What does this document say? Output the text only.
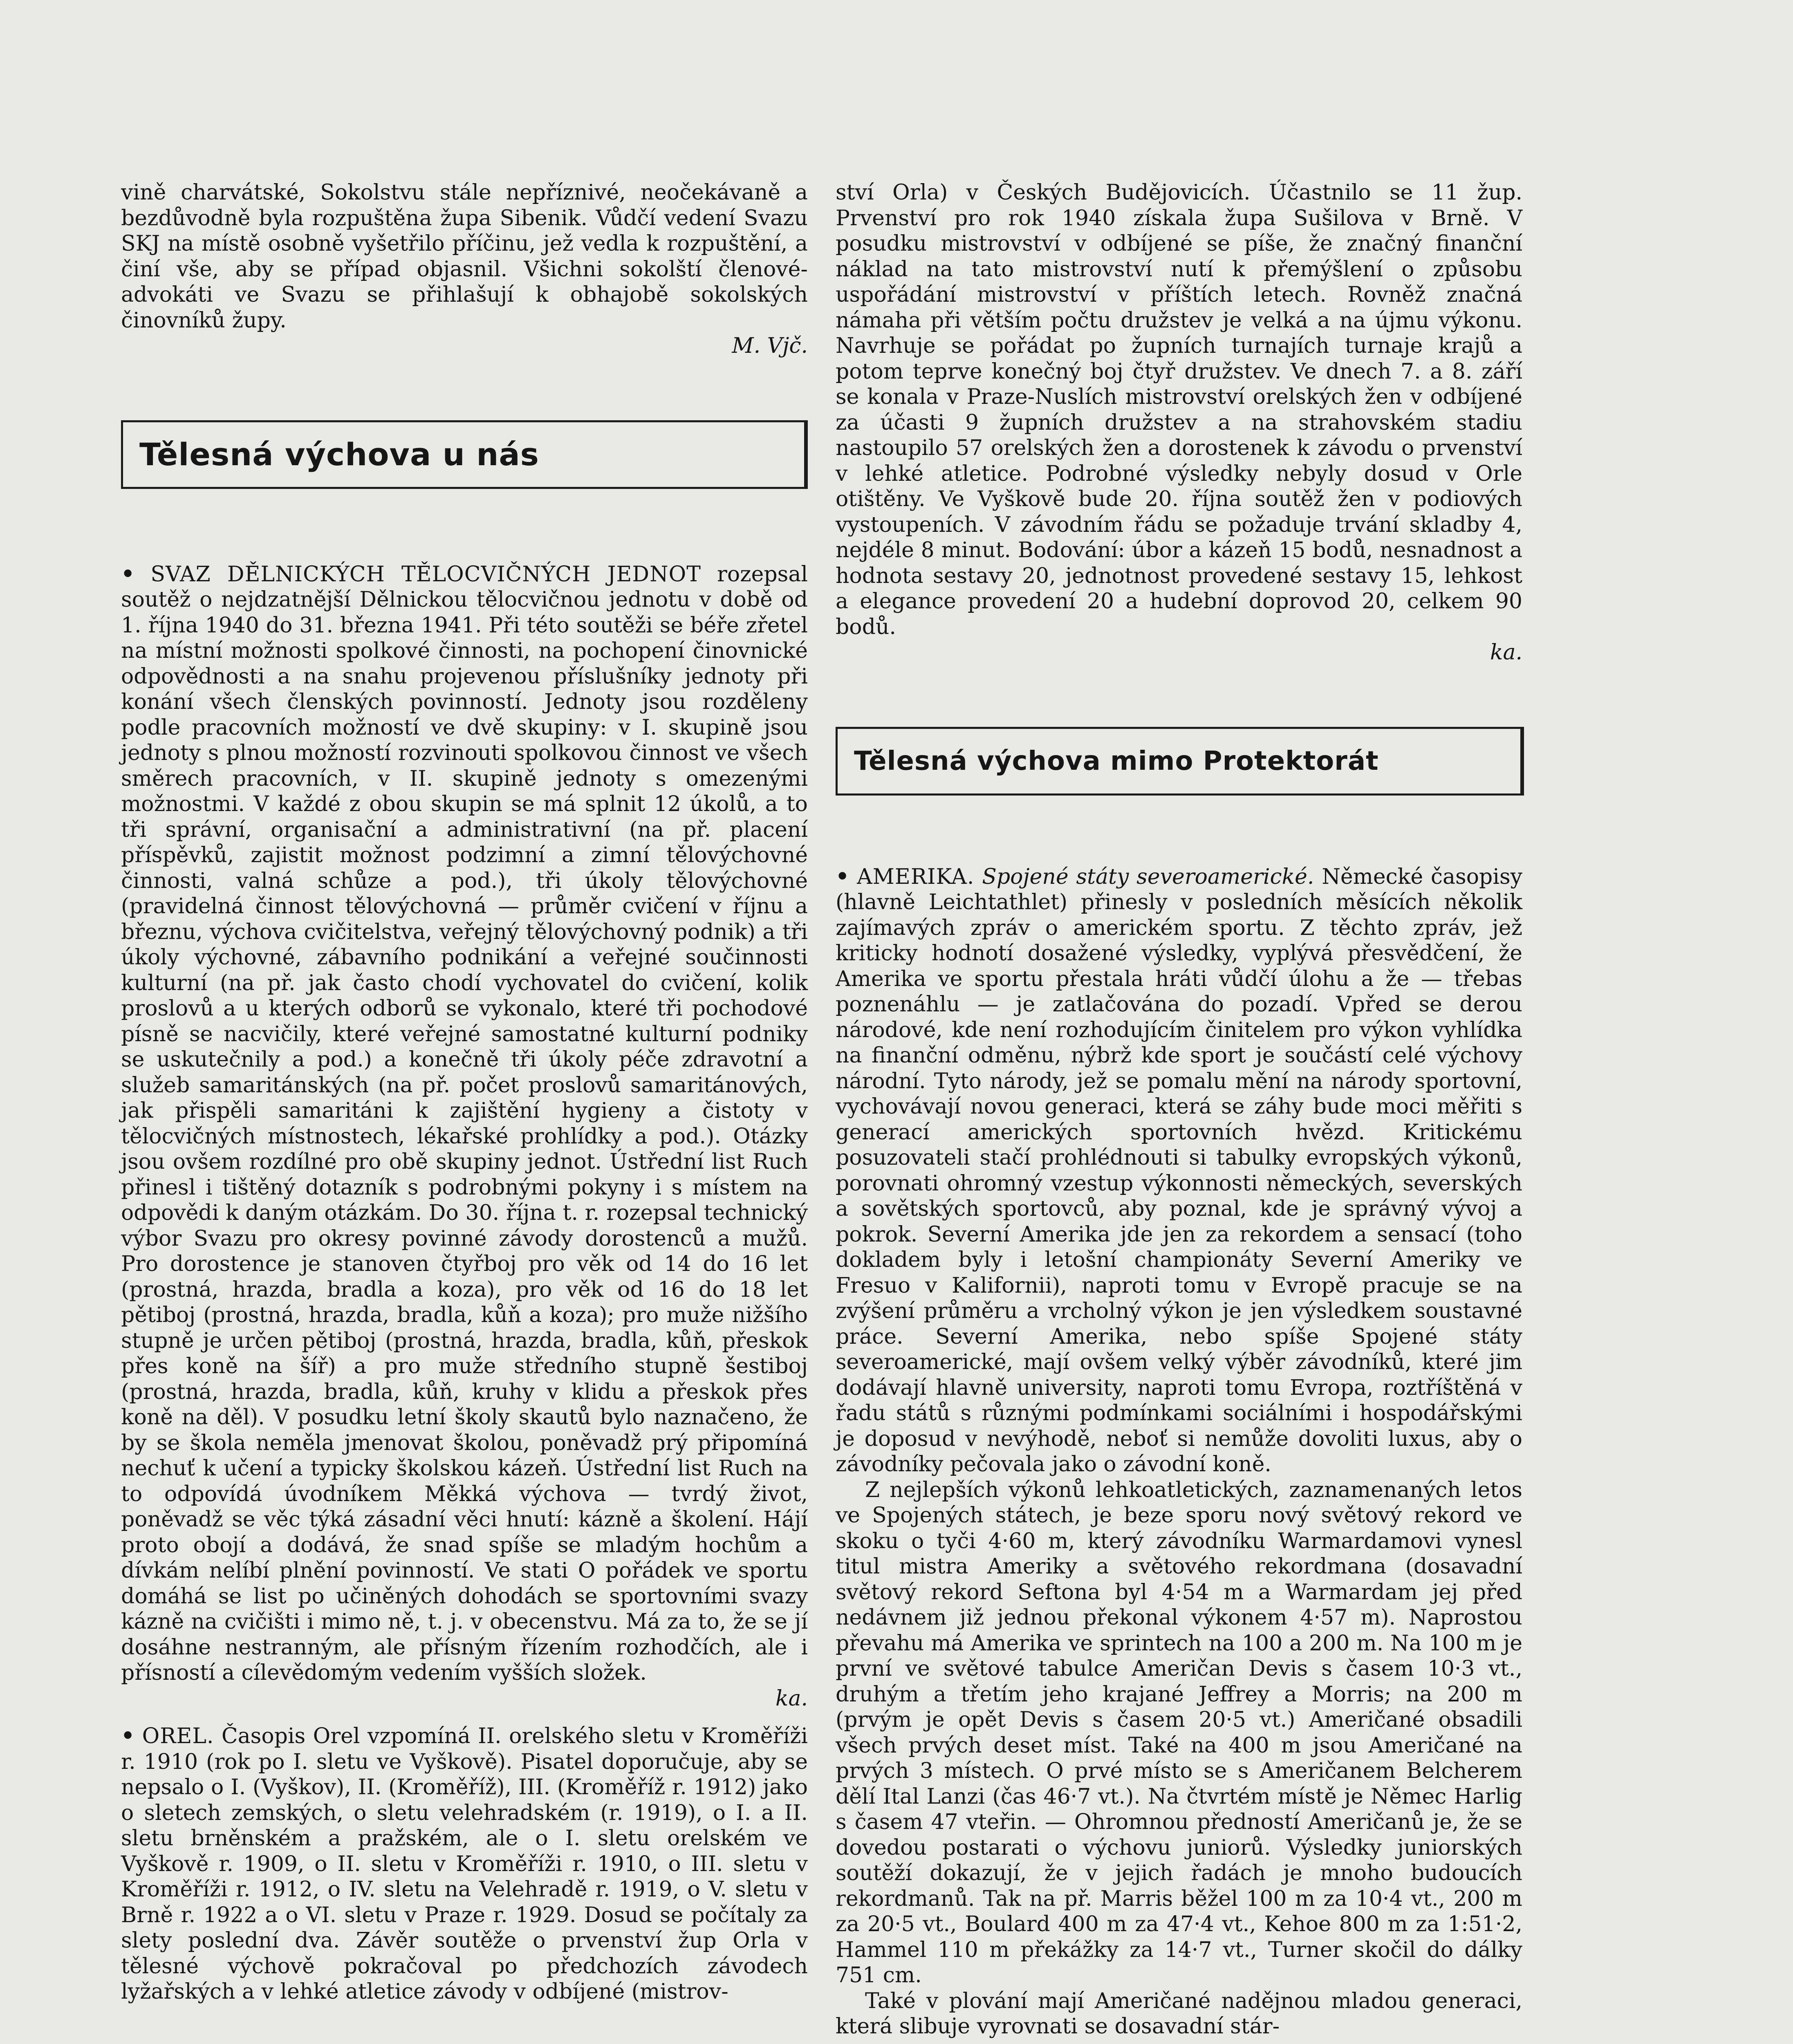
vině charvátské, Sokolstvu stále nepříznivé, neočekávaně a bezdůvodně byla rozpuštěna župa Sibenik. Vůdčí vedení Svazu SKJ na místě osobně vyšetřilo příčinu, jež vedla k rozpuštění, a činí vše, aby se případ objasnil. Všichni sokolští členové-advokáti ve Svazu se přihlašují k obhajobě sokolských činovníků župy.
M. Vjč.

Tělesná výchova u nás

• SVAZ DĚLNICKÝCH TĚLOCVIČNÝCH JEDNOT rozepsal soutěž o nejdzatnější Dělnickou tělocvičnou jednotu v době od 1. října 1940 do 31. března 1941. Při této soutěži se béře zřetel na místní možnosti spolkové činnosti, na pochopení činovnické odpovědnosti a na snahu projevenou příslušníky jednoty při konání všech členských povinností. Jednoty jsou rozděleny podle pracovních možností ve dvě skupiny: v I. skupině jsou jednoty s plnou možností rozvinouti spolkovou činnost ve všech směrech pracovních, v II. skupině jednoty s omezenými možnostmi. V každé z obou skupin se má splnit 12 úkolů, a to tři správní, organisační a administrativní (na př. placení příspěvků, zajistit možnost podzimní a zimní tělovýchovné činnosti, valná schůze a pod.), tři úkoly tělovýchovné (pravidelná činnost tělovýchovná — průměr cvičení v říjnu a březnu, výchova cvičitelstva, veřejný tělovýchovný podnik) a tři úkoly výchovné, zábavního podnikání a veřejné součinnosti kulturní (na př. jak často chodí vychovatel do cvičení, kolik proslovů a u kterých odborů se vykonalo, které tři pochodové písně se nacvičily, které veřejné samostatné kulturní podniky se uskutečnily a pod.) a konečně tři úkoly péče zdravotní a služeb samaritánských (na př. počet proslovů samaritánových, jak přispěli samaritáni k zajištění hygieny a čistoty v tělocvičných místnostech, lékařské prohlídky a pod.). Otázky jsou ovšem rozdílné pro obě skupiny jednot. Ústřední list Ruch přinesl i tištěný dotazník s podrobnými pokyny i s místem na odpovědi k daným otázkám. Do 30. října t. r. rozepsal technický výbor Svazu pro okresy povinné závody dorostenců a mužů. Pro dorostence je stanoven čtyřboj pro věk od 14 do 16 let (prostná, hrazda, bradla a koza), pro věk od 16 do 18 let pětiboj (prostná, hrazda, bradla, kůň a koza); pro muže nižšího stupně je určen pětiboj (prostná, hrazda, bradla, kůň, přeskok přes koně na šíř) a pro muže středního stupně šestiboj (prostná, hrazda, bradla, kůň, kruhy v klidu a přeskok přes koně na děl). V posudku letní školy skautů bylo naznačeno, že by se škola neměla jmenovat školou, poněvadž prý připomíná nechuť k učení a typicky školskou kázeň. Ústřední list Ruch na to odpovídá úvodníkem Měkká výchova — tvrdý život, poněvadž se věc týká zásadní věci hnutí: kázně a školení. Hájí proto obojí a dodává, že snad spíše se mladým hochům a dívkám nelíbí plnění povinností. Ve stati O pořádek ve sportu domáhá se list po učiněných dohodách se sportovními svazy kázně na cvičišti i mimo ně, t. j. v obecenstvu. Má za to, že se jí dosáhne nestranným, ale přísným řízením rozhodčích, ale i přísností a cílevědomým vedením vyšších složek.
ka.

• OREL. Časopis Orel vzpomíná II. orelského sletu v Kroměříži r. 1910 (rok po I. sletu ve Vyškově). Pisatel doporučuje, aby se nepsalo o I. (Vyškov), II. (Kroměříž), III. (Kroměříž r. 1912) jako o sletech zemských, o sletu velehradském (r. 1919), o I. a II. sletu brněnském a pražském, ale o I. sletu orelském ve Vyškově r. 1909, o II. sletu v Kroměříži r. 1910, o III. sletu v Kroměříži r. 1912, o IV. sletu na Velehradě r. 1919, o V. sletu v Brně r. 1922 a o VI. sletu v Praze r. 1929. Dosud se počítaly za slety poslední dva. Závěr soutěže o prvenství žup Orla v tělesné výchově pokračoval po předchozích závodech lyžařských a v lehké atletice závody v odbíjené (mistrov-

ství Orla) v Českých Budějovicích. Účastnilo se 11 žup. Prvenství pro rok 1940 získala župa Sušilova v Brně. V posudku mistrovství v odbíjené se píše, že značný finanční náklad na tato mistrovství nutí k přemýšlení o způsobu uspořádání mistrovství v příštích letech. Rovněž značná námaha při větším počtu družstev je velká a na újmu výkonu. Navrhuje se pořádat po župních turnajích turnaje krajů a potom teprve konečný boj čtyř družstev. Ve dnech 7. a 8. září se konala v Praze-Nuslích mistrovství orelských žen v odbíjené za účasti 9 župních družstev a na strahovském stadiu nastoupilo 57 orelských žen a dorostenek k závodu o prvenství v lehké atletice. Podrobné výsledky nebyly dosud v Orle otištěny. Ve Vyškově bude 20. října soutěž žen v podiových vystoupeních. V závodním řádu se požaduje trvání skladby 4, nejdéle 8 minut. Bodování: úbor a kázeň 15 bodů, nesnadnost a hodnota sestavy 20, jednotnost provedené sestavy 15, lehkost a elegance provedení 20 a hudební doprovod 20, celkem 90 bodů.
ka.

Tělesná výchova mimo Protektorát

• AMERIKA. Spojené státy severoamerické. Německé časopisy (hlavně Leichtathlet) přinesly v posledních měsících několik zajímavých zpráv o americkém sportu. Z těchto zpráv, jež kriticky hodnotí dosažené výsledky, vyplývá přesvědčení, že Amerika ve sportu přestala hráti vůdčí úlohu a že — třebas poznenáhlu — je zatlačována do pozadí. Vpřed se derou národové, kde není rozhodujícím činitelem pro výkon vyhlídka na finanční odměnu, nýbrž kde sport je součástí celé výchovy národní. Tyto národy, jež se pomalu mění na národy sportovní, vychovávají novou generaci, která se záhy bude moci měřiti s generací amerických sportovních hvězd. Kritickému posuzovateli stačí prohlédnouti si tabulky evropských výkonů, porovnati ohromný vzestup výkonnosti německých, severských a sovětských sportovců, aby poznal, kde je správný vývoj a pokrok. Severní Amerika jde jen za rekordem a sensací (toho dokladem byly i letošní championáty Severní Ameriky ve Fresuo v Kalifornii), naproti tomu v Evropě pracuje se na zvýšení průměru a vrcholný výkon je jen výsledkem soustavné práce. Severní Amerika, nebo spíše Spojené státy severoamerické, mají ovšem velký výběr závodníků, které jim dodávají hlavně university, naproti tomu Evropa, roztříštěná v řadu států s různými podmínkami sociálními i hospodářskými je doposud v nevýhodě, neboť si nemůže dovoliti luxus, aby o závodníky pečovala jako o závodní koně.

Z nejlepších výkonů lehkoatletických, zaznamenaných letos ve Spojených státech, je beze sporu nový světový rekord ve skoku o tyči 4·60 m, který závodníku Warmardamovi vynesl titul mistra Ameriky a světového rekordmana (dosavadní světový rekord Seftona byl 4·54 m a Warmardam jej před nedávnem již jednou překonal výkonem 4·57 m). Naprostou převahu má Amerika ve sprintech na 100 a 200 m. Na 100 m je první ve světové tabulce Američan Devis s časem 10·3 vt., druhým a třetím jeho krajané Jeffrey a Morris; na 200 m (prvým je opět Devis s časem 20·5 vt.) Američané obsadili všech prvých deset míst. Také na 400 m jsou Američané na prvých 3 místech. O prvé místo se s Američanem Belcherem dělí Ital Lanzi (čas 46·7 vt.). Na čtvrtém místě je Němec Harlig s časem 47 vteřin. — Ohromnou předností Američanů je, že se dovedou postarati o výchovu juniorů. Výsledky juniorských soutěží dokazují, že v jejich řadách je mnoho budoucích rekordmanů. Tak na př. Marris běžel 100 m za 10·4 vt., 200 m za 20·5 vt., Boulard 400 m za 47·4 vt., Kehoe 800 m za 1:51·2, Hammel 110 m překážky za 14·7 vt., Turner skočil do dálky 751 cm.

Také v plování mají Američané nadějnou mladou generaci, která slibuje vyrovnati se dosavadní stár-
